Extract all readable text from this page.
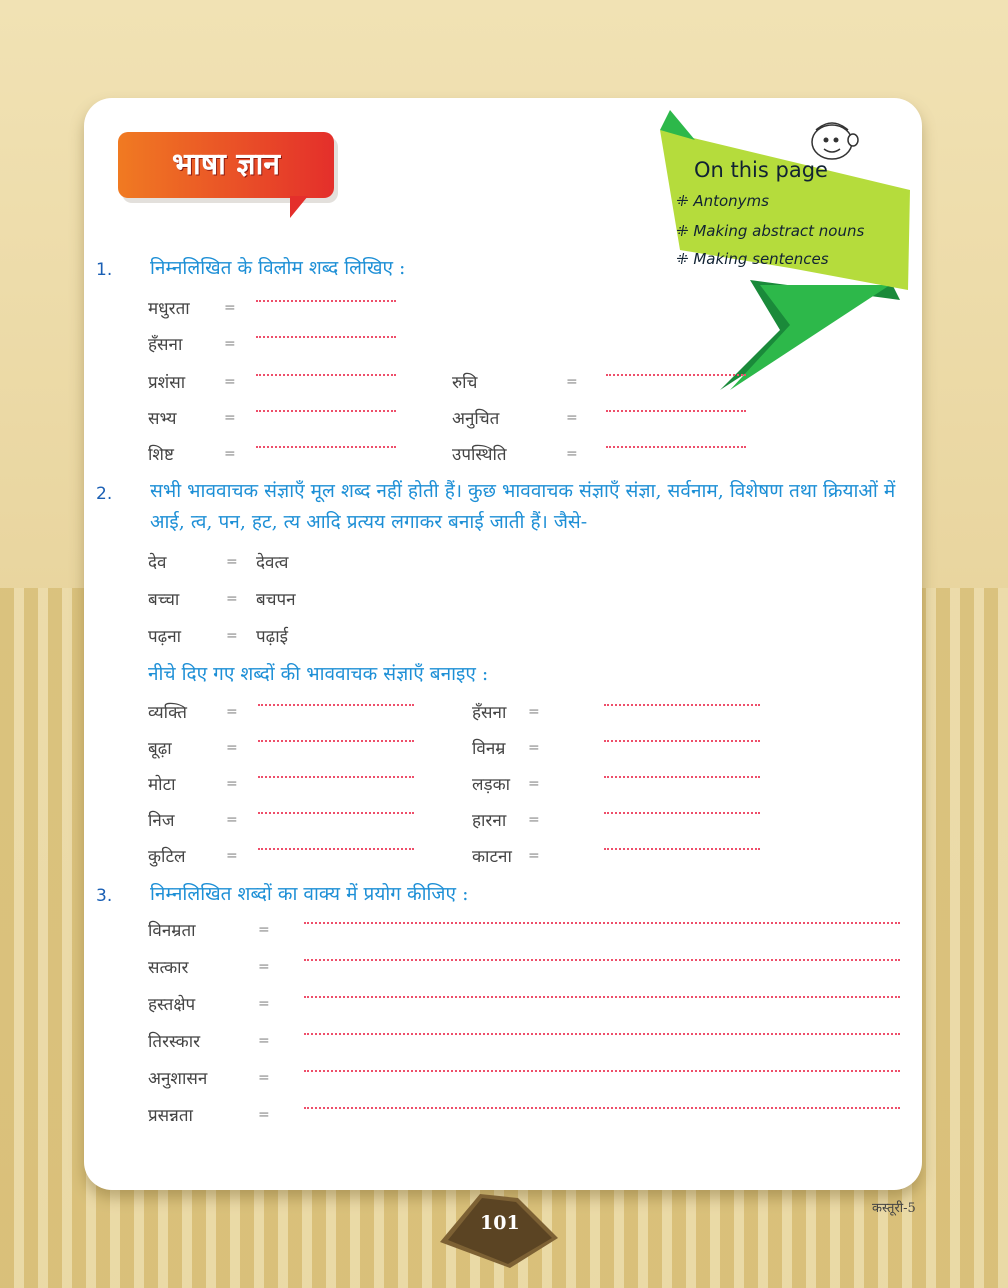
भाषा ज्ञान	On this page
⁜ Antonyms
⁜ Making abstract nouns
⁜ Making sentences
1. निम्नलिखित के विलोम शब्द लिखिए :
मधुरता =
हँसना	=
प्रशंसा	=	रुचि	=
सभ्य	=	अनुचित	=
शिष्ट	=	उपस्थिति	=
2. सभी भाववाचक संज्ञाएँ मूल शब्द नहीं होती हैं। कुछ भाववाचक संज्ञाएँ संज्ञा, सर्वनाम, विशेषण तथा क्रियाओं में आई, त्व, पन, हट, त्य आदि प्रत्यय लगाकर बनाई जाती हैं। जैसे-
देव	= देवत्व
बच्चा	= बचपन
पढ़ना	= पढ़ाई
नीचे दिए गए शब्दों की भाववाचक संज्ञाएँ बनाइए :
व्यक्ति	=	हँसना =
बूढ़ा	=	विनम्र =
मोटा	=	लड़का =
निज	=	हारना =
कुटिल	=	काटना =
3. निम्नलिखित शब्दों का वाक्य में प्रयोग कीजिए :
विनम्रता	=
सत्कार	=
हस्तक्षेप	=
तिरस्कार	=
अनुशासन	=
प्रसन्नता	=
101
कस्तूरी-5
